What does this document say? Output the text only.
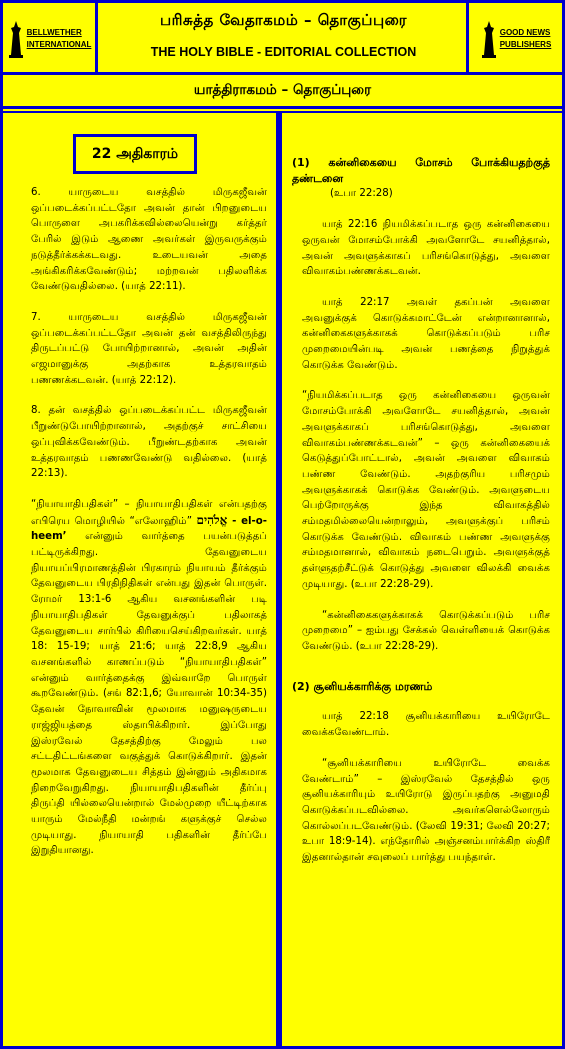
BELLWETHER
INTERNATIONAL
பரிசுத்த வேதாகமம் – தொகுப்புரை
THE HOLY BIBLE - EDITORIAL COLLECTION
GOOD NEWS
PUBLISHERS
யாத்திராகமம் – தொகுப்புரை
22 அதிகாரம்

6. யாருடைய வசத்தில் மிருகஜீவன் ஒப்படைக்கப்பட்டதோ அவன் தான் பிறனுடைய பொருளை அபகரிக்கவில்லையென்று கர்த்தர் பேரில் இடும் ஆணை அவர்கள் இருவருக்கும் நடுத்தீர்க்கக்கடவது. உடையவன் அதை அங்கிகரிக்கவேண்டும்; மற்றவன் பதிலளிக்க வேண்டுவதில்லை. (யாத் 22:11).

7. யாருடைய வசத்தில் மிருகஜீவன் ஒப்படைக்கப்பட்டதோ அவன் தன் வசத்திலிருந்து திருடப்பட்டு போயிற்றானால், அவன் அதின் எஜமானுக்கு அதற்காக உத்தரவாதம் பணணக்கடவன். (யாத் 22:12).

8. தன் வசத்தில் ஒப்படைக்கப்பட்ட மிருகஜீவன் பீறுண்டுபோயிற்றானால், அதற்குச் சாட்சியை ஒப்புவிக்கவேண்டும். பீறுண்டதற்காக அவன் உத்தரவாதம் பணணவேண்டு வதில்லை. (யாத் 22:13).

“நியாயாதிபதிகள்” – நியாயாதிபதிகள் என்பதற்கு எபிரெய மொழியில் “எலோஹிம்” אֱלֹהִים - el-o-heem’ என்னும் வார்த்தை பயன்படுத்தப் பட்டிருக்கிறது. தேவனுடைய நியாயப்பிரமாணத்தின் பிரகாரம் நியாயம் தீர்க்கும் தேவனுடைய பிரதிநிதிகள் என்பது இதன் பொருள். ரோமர் 13:1-6 ஆகிய வசனங்களின் படி நியாயாதிபதிகள் தேவனுக்குப் பதிலாகத் தேவனுடைய சார்பில் கிரியைசெய்கிறவர்கள். யாத் 18: 15-19; யாத் 21:6; யாத் 22:8,9 ஆகிய வசனங்களில் காணப்படும் “நியாயாதிபதிகள்” என்னும் வார்த்தைக்கு இவ்வாறே பொருள் கூறவேண்டும். (சங் 82:1,6; யோவான் 10:34-35) தேவன் நோவாவின் மூலமாக மனுஷருடைய ராஜ்ஜியத்தை ஸ்தாபிக்கிறார். இப்போது இஸ்ரவேல் தேசத்திற்கு மேலும் பல சட்டதிட்டங்களை வகுத்துக் கொடுக்கிறார். இதன் மூலமாக தேவனுடைய சித்தம் இன்னும் அதிகமாக நிறைவேறுகிறது. நியாயாதிபதிகளின் தீர்ப்பு திருப்தி யில்லையென்றால் மேல்முறை யீட்டிற்காக யாரும் மேல்நீதி மன்றங் களுக்குச் செல்ல முடியாது. நியாயாதி பதிகளின் தீர்ப்பே இறுதியானது.

(1) கன்னிகையை மோசம் போக்கியதற்குத் தண்டனை

(உபா 22:28)

யாத் 22:16 நியமிக்கப்படாத ஒரு கன்னிகையை ஒருவன் மோசம்போக்கி அவளோடே சயனித்தால், அவன் அவளுக்காகப் பரிசங்கொடுத்து, அவளை விவாகம்பண்ணக்கடவன்.

யாத் 22:17 அவள் தகப்பன் அவளை அவனுக்குக் கொடுக்கமாட்டேன் என்றானானால், கன்னிகைகளுக்காகக் கொடுக்கப்படும் பரிச முறைமையின்படி அவன் பணத்தை நிறுத்துக் கொடுக்க வேண்டும்.

“நியமிக்கப்படாத ஒரு கன்னிகையை ஒருவன் மோசம்போக்கி அவளோடே சயனித்தால், அவன் அவளுக்காகப் பரிசங்கொடுத்து, அவளை விவாகம்பண்ணக்கடவன்” – ஒரு கன்னிகையைக் கெடுத்துப்போட்டால், அவன் அவளை விவாகம் பண்ண வேண்டும். அதற்குரிய பரிசமும் அவளுக்காகக் கொடுக்க வேண்டும். அவளுடைய பெற்றோருக்கு இந்த விவாகத்தில் சம்மதமில்லையென்றாலும், அவளுக்குப் பரிசம் கொடுக்க வேண்டும். விவாகம் பண்ண அவளுக்கு சம்மதமானால், விவாகம் நடைபெறும். அவளுக்குத் தள்ளுதற்சீட்டுக் கொடுத்து அவளை விலக்கி வைக்க முடியாது. (உபா 22:28-29).

“கன்னிகைகளுக்காகக் கொடுக்கப்படும் பரிச முறைமை” – ஐம்பது சேக்கல் வெள்ளியைக் கொடுக்க வேண்டும். (உபா 22:28-29).

(2) சூனியக்காரிக்கு மரணம்

யாத் 22:18 சூனியக்காரியை உயிரோடே வைக்கவேண்டாம்.

“சூனியக்காரியை உயிரோடே வைக்க வேண்டாம்” – இஸ்ரவேல் தேசத்தில் ஒரு சூனியக்காரியும் உயிரோடு இருப்பதற்கு அனுமதி கொடுக்கப்படவில்லை. அவர்களெல்லோரும் கொல்லப்படவேண்டும். (லேவி 19:31; லேவி 20:27; உபா 18:9-14). எந்தோரில் அஞ்சனம்பார்க்கிற ஸ்திரீ இதனால்தான் சவுலைப் பார்த்து பயந்தாள்.
